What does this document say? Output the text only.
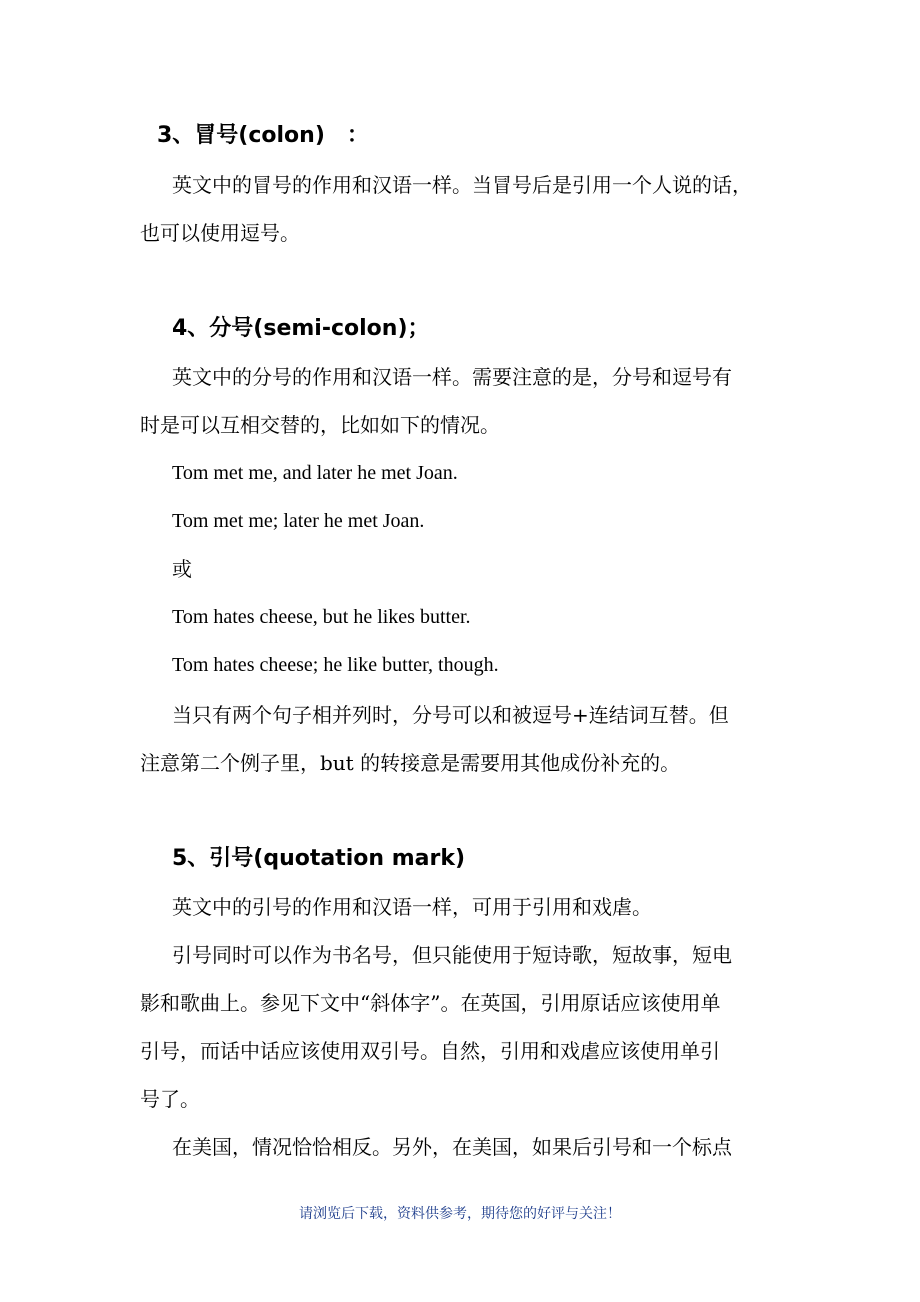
3、冒号(colon)　：
英文中的冒号的作用和汉语一样。当冒号后是引用一个人说的话，
也可以使用逗号。
4、分号(semi-colon)；
英文中的分号的作用和汉语一样。需要注意的是，分号和逗号有
时是可以互相交替的，比如如下的情况。
Tom met me, and later he met Joan.
Tom met me; later he met Joan.
或
Tom hates cheese, but he likes butter.
Tom hates cheese; he like butter, though.
当只有两个句子相并列时，分号可以和被逗号+连结词互替。但
注意第二个例子里，but 的转接意是需要用其他成份补充的。
5、引号(quotation mark)
英文中的引号的作用和汉语一样，可用于引用和戏虐。
引号同时可以作为书名号，但只能使用于短诗歌，短故事，短电
影和歌曲上。参见下文中“斜体字”。在英国，引用原话应该使用单
引号，而话中话应该使用双引号。自然，引用和戏虐应该使用单引
号了。
在美国，情况恰恰相反。另外，在美国，如果后引号和一个标点
请浏览后下载，资料供参考，期待您的好评与关注！
